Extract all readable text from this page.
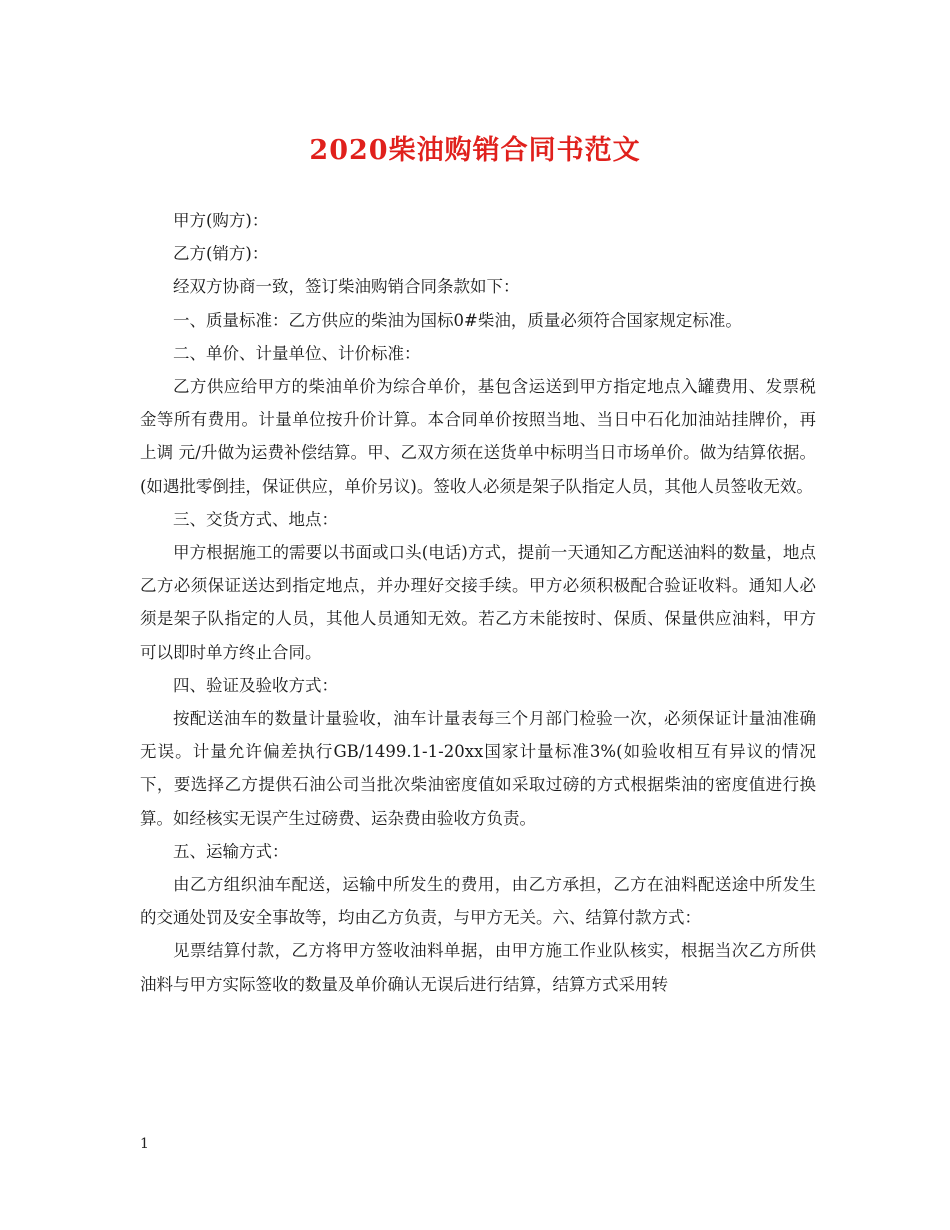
2020柴油购销合同书范文

甲方(购方)：

乙方(销方)：

经双方协商一致，签订柴油购销合同条款如下：

一、质量标准：乙方供应的柴油为国标0#柴油，质量必须符合国家规定标准。

二、单价、计量单位、计价标准：

乙方供应给甲方的柴油单价为综合单价，基包含运送到甲方指定地点入罐费用、发票税金等所有费用。计量单位按升价计算。本合同单价按照当地、当日中石化加油站挂牌价，再上调 元/升做为运费补偿结算。甲、乙双方须在送货单中标明当日市场单价。做为结算依据。(如遇批零倒挂，保证供应，单价另议)。签收人必须是架子队指定人员，其他人员签收无效。

三、交货方式、地点：

甲方根据施工的需要以书面或口头(电话)方式，提前一天通知乙方配送油料的数量，地点乙方必须保证送达到指定地点，并办理好交接手续。甲方必须积极配合验证收料。通知人必须是架子队指定的人员，其他人员通知无效。若乙方未能按时、保质、保量供应油料，甲方可以即时单方终止合同。

四、验证及验收方式：

按配送油车的数量计量验收，油车计量表每三个月部门检验一次，必须保证计量油准确无误。计量允许偏差执行GB/1499.1-1-20xx国家计量标准3%(如验收相互有异议的情况下，要选择乙方提供石油公司当批次柴油密度值如采取过磅的方式根据柴油的密度值进行换算。如经核实无误产生过磅费、运杂费由验收方负责。

五、运输方式：

由乙方组织油车配送，运输中所发生的费用，由乙方承担，乙方在油料配送途中所发生的交通处罚及安全事故等，均由乙方负责，与甲方无关。六、结算付款方式：

见票结算付款，乙方将甲方签收油料单据，由甲方施工作业队核实，根据当次乙方所供油料与甲方实际签收的数量及单价确认无误后进行结算，结算方式采用转

1
